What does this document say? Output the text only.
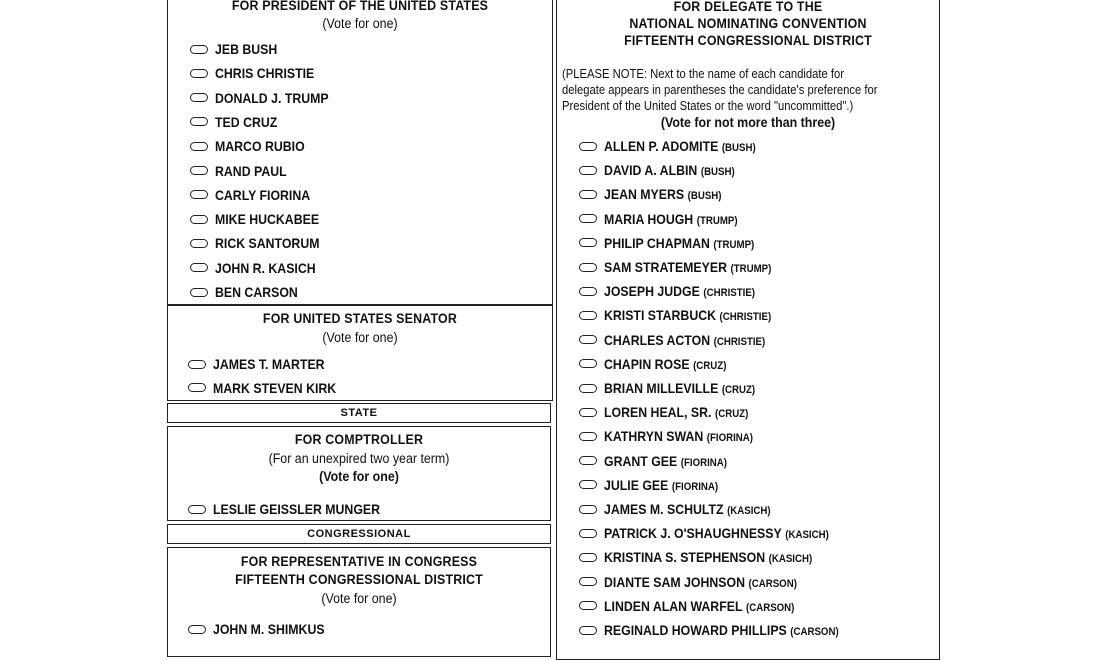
FOR PRESIDENT OF THE UNITED STATES
(Vote for one)
JEB BUSH
CHRIS CHRISTIE
DONALD J. TRUMP
TED CRUZ
MARCO RUBIO
RAND PAUL
CARLY FIORINA
MIKE HUCKABEE
RICK SANTORUM
JOHN R. KASICH
BEN CARSON
FOR UNITED STATES SENATOR
(Vote for one)
JAMES T. MARTER
MARK STEVEN KIRK
STATE
FOR COMPTROLLER
(For an unexpired two year term)
(Vote for one)
LESLIE GEISSLER MUNGER
CONGRESSIONAL
FOR REPRESENTATIVE IN CONGRESS
FIFTEENTH CONGRESSIONAL DISTRICT
(Vote for one)
JOHN M. SHIMKUS
FOR DELEGATE TO THE
NATIONAL NOMINATING CONVENTION
FIFTEENTH CONGRESSIONAL DISTRICT
(PLEASE NOTE: Next to the name of each candidate for
delegate appears in parentheses the candidate's preference for
President of the United States or the word "uncommitted".)
(Vote for not more than three)
ALLEN P. ADOMITE (BUSH)
DAVID A. ALBIN (BUSH)
JEAN MYERS (BUSH)
MARIA HOUGH (TRUMP)
PHILIP CHAPMAN (TRUMP)
SAM STRATEMEYER (TRUMP)
JOSEPH JUDGE (CHRISTIE)
KRISTI STARBUCK (CHRISTIE)
CHARLES ACTON (CHRISTIE)
CHAPIN ROSE (CRUZ)
BRIAN MILLEVILLE (CRUZ)
LOREN HEAL, SR. (CRUZ)
KATHRYN SWAN (FIORINA)
GRANT GEE (FIORINA)
JULIE GEE (FIORINA)
JAMES M. SCHULTZ (KASICH)
PATRICK J. O'SHAUGHNESSY (KASICH)
KRISTINA S. STEPHENSON (KASICH)
DIANTE SAM JOHNSON (CARSON)
LINDEN ALAN WARFEL (CARSON)
REGINALD HOWARD PHILLIPS (CARSON)
